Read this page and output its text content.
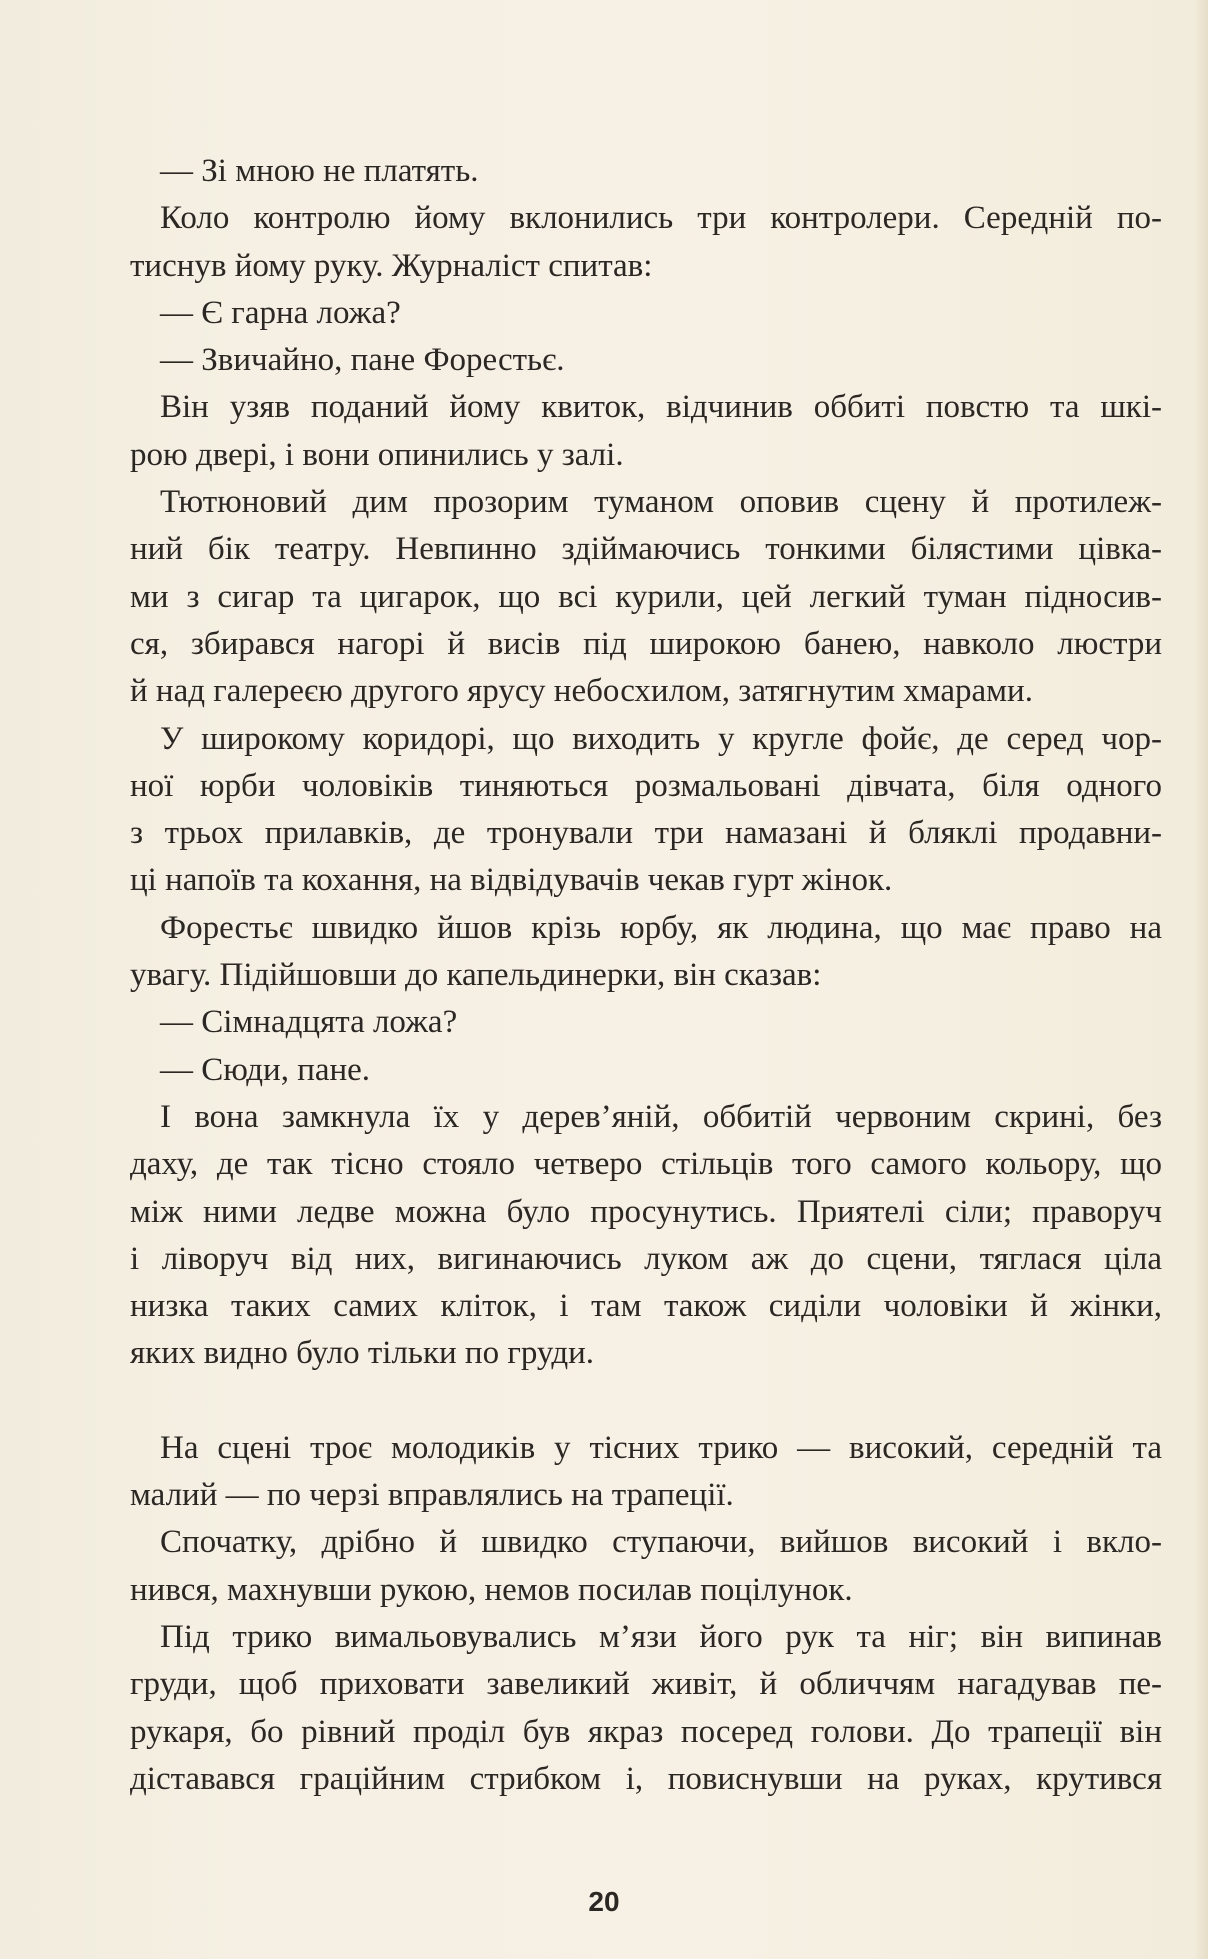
— Зі мною не платять.

Коло контролю йому вклонились три контролери. Середній по-
тиснув йому руку. Журналіст спитав:

— Є гарна ложа?

— Звичайно, пане Форестьє.

Він узяв поданий йому квиток, відчинив оббиті повстю та шкі-
рою двері, і вони опинились у залі.

Тютюновий дим прозорим туманом оповив сцену й протилеж-
ний бік театру. Невпинно здіймаючись тонкими білястими цівка-
ми з сигар та цигарок, що всі курили, цей легкий туман підносив-
ся, збирався нагорі й висів під широкою банею, навколо люстри
й над галереєю другого ярусу небосхилом, затягнутим хмарами.

У широкому коридорі, що виходить у кругле фойє, де серед чор-
ної юрби чоловіків тиняються розмальовані дівчата, біля одного
з трьох прилавків, де тронували три намазані й бляклі продавни-
ці напоїв та кохання, на відвідувачів чекав гурт жінок.

Форестьє швидко йшов крізь юрбу, як людина, що має право на
увагу. Підійшовши до капельдинерки, він сказав:

— Сімнадцята ложа?

— Сюди, пане.

І вона замкнула їх у дерев’яній, оббитій червоним скрині, без
даху, де так тісно стояло четверо стільців того самого кольору, що
між ними ледве можна було просунутись. Приятелі сіли; праворуч
і ліворуч від них, вигинаючись луком аж до сцени, тяглася ціла
низка таких самих кліток, і там також сиділи чоловіки й жінки,
яких видно було тільки по груди.

На сцені троє молодиків у тісних трико — високий, середній та
малий — по черзі вправлялись на трапеції.

Спочатку, дрібно й швидко ступаючи, вийшов високий і вкло-
нився, махнувши рукою, немов посилав поцілунок.

Під трико вимальовувались м’язи його рук та ніг; він випинав
груди, щоб приховати завеликий живіт, й обличчям нагадував пе-
рукаря, бо рівний проділ був якраз посеред голови. До трапеції він
діставався граційним стрибком і, повиснувши на руках, крутився

20
